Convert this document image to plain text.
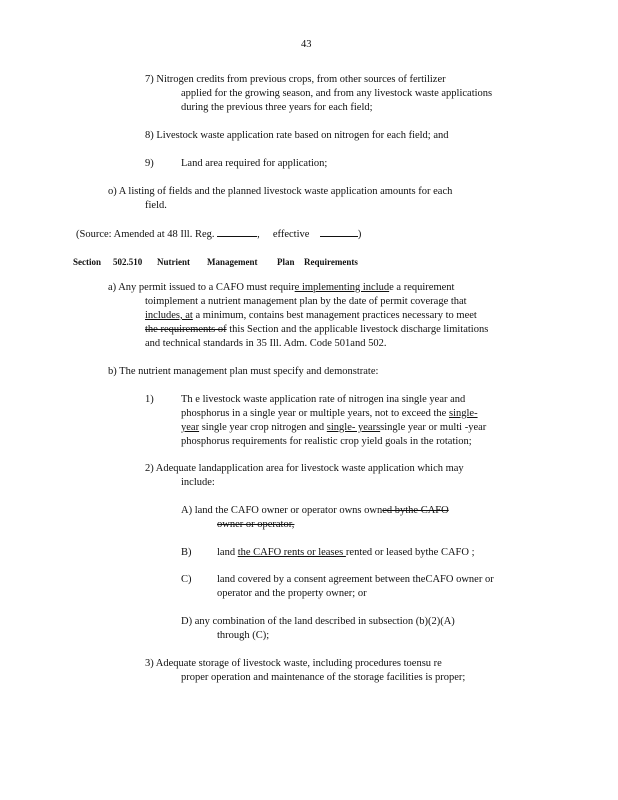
43
7) Nitrogen credits from previous crops, from other sources of fertilizer
applied for the growing season, and from any livestock waste applications
during the previous three years for each field;
8) Livestock waste application rate based on nitrogen for each field; and
9)	Land area required for application;
o) A listing of fields and the planned livestock waste application amounts for each
field.
(Source: Amended at 48 Ill. Reg.	, effective	)
Section 502.510 Nutrient Management Plan Requirements
a) Any permit issued to a CAFO must require implementing include a requirement
toimplement a nutrient management plan by the date of permit coverage that
includes, at a minimum, contains best management practices necessary to meet
the requirements of this Section and the applicable livestock discharge limitations
and technical standards in 35 Ill. Adm. Code 501and 502.
b) The nutrient management plan must specify and demonstrate:
1)	Th e livestock waste application rate of nitrogen ina single year and
phosphorus in a single year or multiple years, not to exceed the single-
year single year crop nitrogen and single- yearssingle year or multi -year
phosphorus requirements for realistic crop yield goals in the rotation;
2) Adequate landapplication area for livestock waste application which may
include:
A) land the CAFO owner or operator owns owned bythe CAFO
owner or operator,
B) land the CAFO rents or leases rented or leased bythe CAFO ;
C) land covered by a consent agreement between theCAFO owner or
operator and the property owner; or
D) any combination of the land described in subsection (b)(2)(A)
through (C);
3) Adequate storage of livestock waste, including procedures toensu re
proper operation and maintenance of the storage facilities is proper;
